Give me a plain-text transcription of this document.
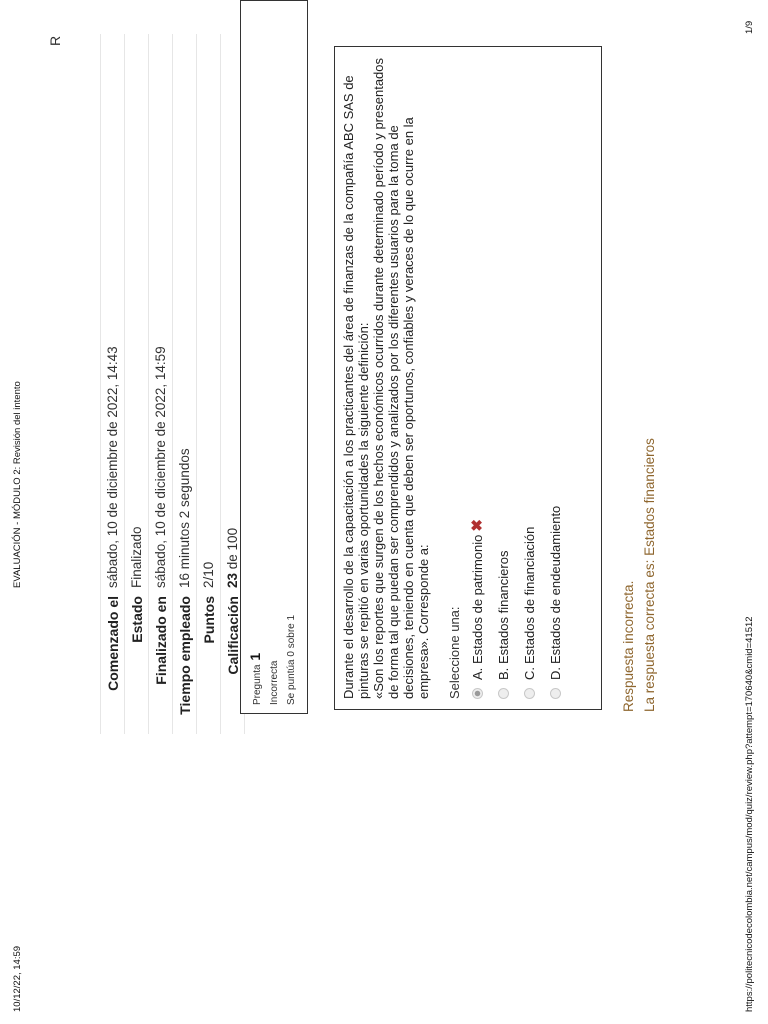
10/12/22, 14:59
EVALUACIÓN - MÓDULO 2: Revisión del intento
R
Comenzado el
sábado, 10 de diciembre de 2022, 14:43
Estado
Finalizado
Finalizado en
sábado, 10 de diciembre de 2022, 14:59
Tiempo empleado
16 minutos 2 segundos
Puntos
2/10
Calificación
23 de 100
Pregunta 1
Incorrecta Se puntúa 0 sobre 1	Durante el desarrollo de la capacitación a los practicantes del área de finanzas de la compañía ABC SAS de pinturas se repitió en varias oportunidades la siguiente definición: «Son los reportes que surgen de los hechos económicos ocurridos durante determinado período y presentados de forma tal que puedan ser comprendidos y analizados por los diferentes usuarios para la toma de decisiones, teniendo en cuenta que deben ser oportunos, confiables y veraces de lo que ocurre en la empresa». Corresponde a: Seleccione una: A.
Estados de patrimonio
✖
B.
Estados financieros
C.
Estados de financiación
D.
Estados de endeudamiento	Respuesta incorrecta. La respuesta correcta es: Estados financieros
https://politecnicodecolombia.net/campus/mod/quiz/review.php?attempt=170640&cmid=41512
1/9
